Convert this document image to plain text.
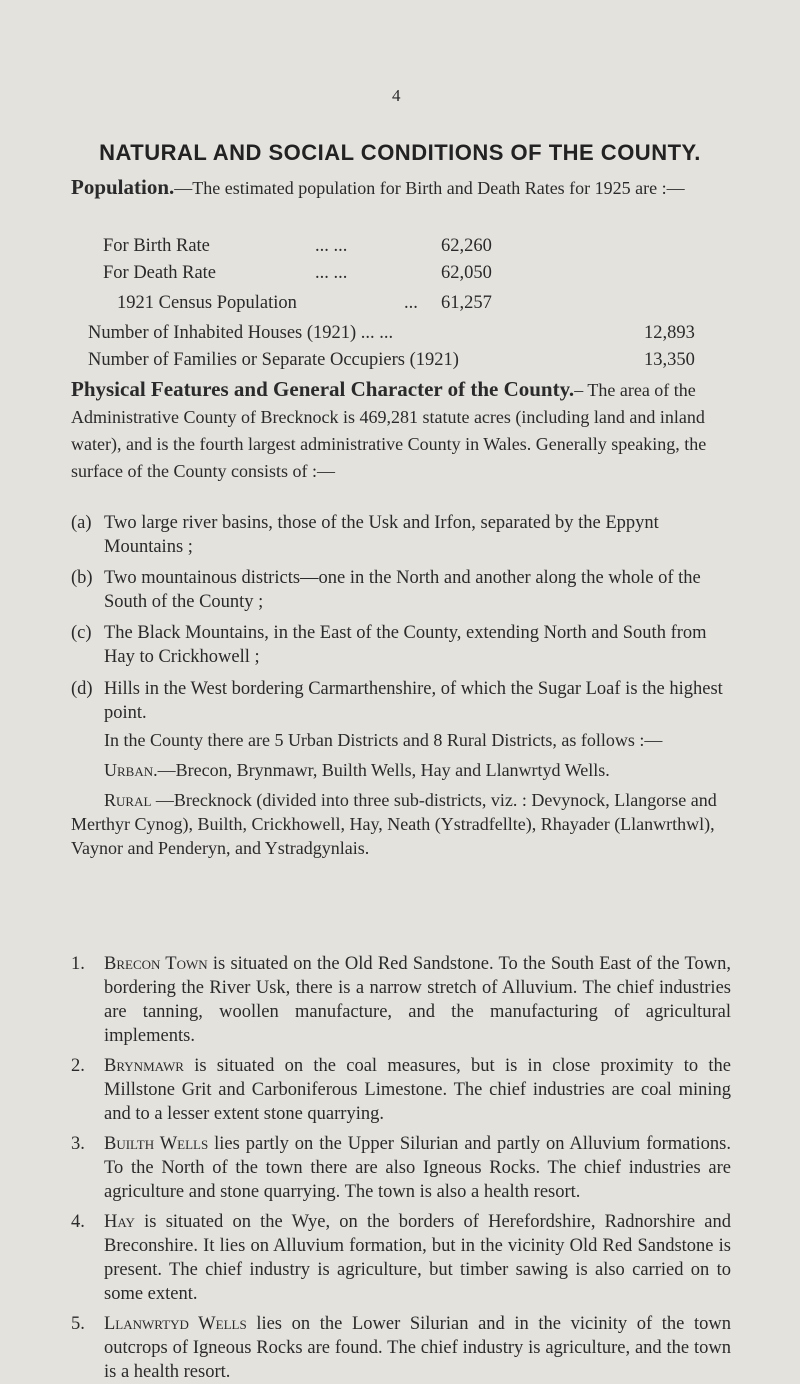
4
NATURAL AND SOCIAL CONDITIONS OF THE COUNTY.

Population.—The estimated population for Birth and Death Rates for 1925 are :—

For Birth Rate	... ...	62,260
For Death Rate	... ...	62,050
1921 Census Population	... 61,257
Number of Inhabited Houses (1921) ... ...	12,893
Number of Families or Separate Occupiers (1921)	13,350

Physical Features and General Character of the County.– The area of the Administrative County of Brecknock is 469,281 statute acres (including land and inland water), and is the fourth largest administrative County in Wales. Generally speaking, the surface of the County consists of :—

(a) Two large river basins, those of the Usk and Irfon, separated by the Eppynt Mountains ;
(b) Two mountainous districts—one in the North and another along the whole of the South of the County ;
(c) The Black Mountains, in the East of the County, extending North and South from Hay to Crickhowell ;
(d) Hills in the West bordering Carmarthenshire, of which the Sugar Loaf is the highest point.

In the County there are 5 Urban Districts and 8 Rural Districts, as follows :—

Urban.—Brecon, Brynmawr, Builth Wells, Hay and Llanwrtyd Wells.

Rural —Brecknock (divided into three sub-districts, viz. : Devynock, Llangorse and Merthyr Cynog), Builth, Crickhowell, Hay, Neath (Ystradfellte), Rhayader (Llanwrthwl), Vaynor and Penderyn, and Ystradgynlais.

1. Brecon Town is situated on the Old Red Sandstone. To the South East of the Town, bordering the River Usk, there is a narrow stretch of Alluvium. The chief industries are tanning, woollen manufacture, and the manufacturing of agricultural implements.
2. Brynmawr is situated on the coal measures, but is in close proximity to the Millstone Grit and Carboniferous Limestone. The chief industries are coal mining and to a lesser extent stone quarrying.
3. Builth Wells lies partly on the Upper Silurian and partly on Alluvium formations. To the North of the town there are also Igneous Rocks. The chief industries are agriculture and stone quarrying. The town is also a health resort.
4. Hay is situated on the Wye, on the borders of Herefordshire, Radnorshire and Breconshire. It lies on Alluvium formation, but in the vicinity Old Red Sandstone is present. The chief industry is agriculture, but timber sawing is also carried on to some extent.
5. Llanwrtyd Wells lies on the Lower Silurian and in the vicinity of the town outcrops of Igneous Rocks are found. The chief industry is agriculture, and the town is a health resort.
